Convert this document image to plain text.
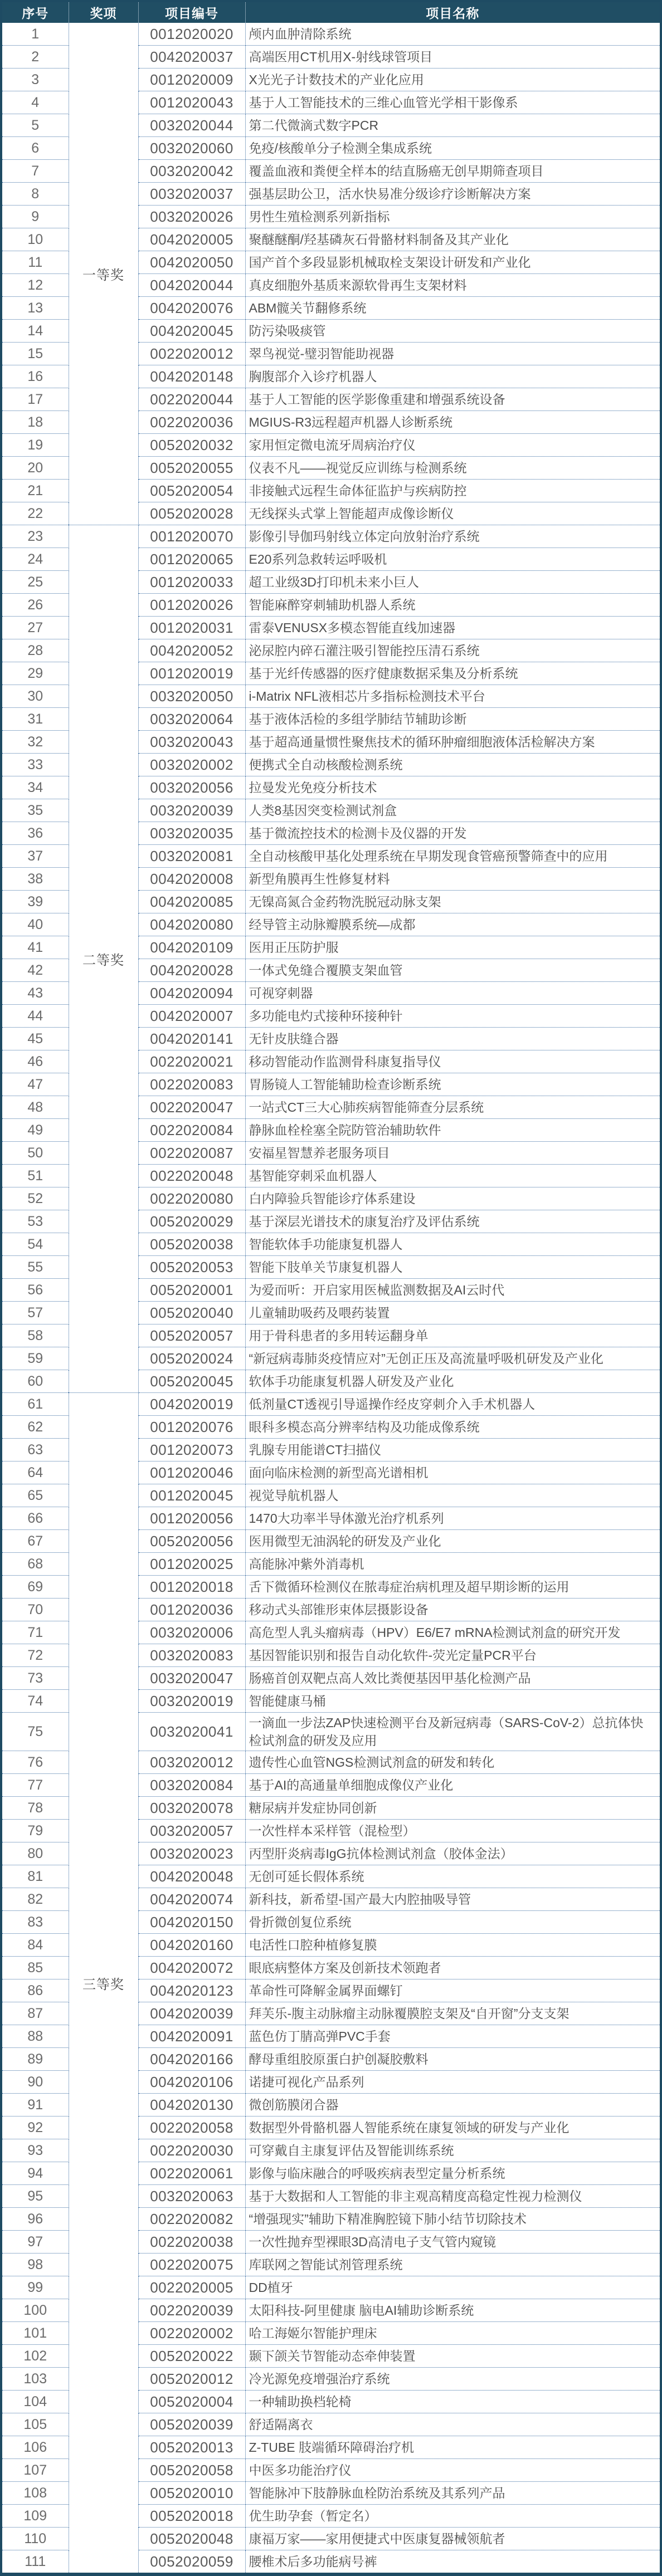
序号	奖项	项目编号	项目名称
1	一等奖	0012020020	颅内血肿清除系统
2		0042020037	高端医用CT机用X-射线球管项目
3		0012020009	X光光子计数技术的产业化应用
4		0012020043	基于人工智能技术的三维心血管光学相干影像系
5		0032020044	第二代微滴式数字PCR
6		0032020060	免疫/核酸单分子检测全集成系统
7		0032020042	覆盖血液和粪便全样本的结直肠癌无创早期筛查项目
8		0032020037	强基层助公卫，活水快易准分级诊疗诊断解决方案
9		0032020026	男性生殖检测系列新指标
10		0042020005	聚醚醚酮/羟基磷灰石骨骼材料制备及其产业化
11		0042020050	国产首个多段显影机械取栓支架设计研发和产业化
12		0042020044	真皮细胞外基质来源软骨再生支架材料
13		0042020076	ABM髋关节翻修系统
14		0042020045	防污染吸痰管
15		0022020012	翠鸟视觉-璧羽智能助视器
16		0042020148	胸腹部介入诊疗机器人
17		0022020044	基于人工智能的医学影像重建和增强系统设备
18		0022020036	MGIUS-R3远程超声机器人诊断系统
19		0052020032	家用恒定微电流牙周病治疗仪
20		0052020055	仪表不凡——视觉反应训练与检测系统
21		0052020054	非接触式远程生命体征监护与疾病防控
22		0052020028	无线探头式掌上智能超声成像诊断仪
23	二等奖	0012020070	影像引导伽玛射线立体定向放射治疗系统
24		0012020065	E20系列急救转运呼吸机
25		0012020033	超工业级3D打印机未来小巨人
26		0012020026	智能麻醉穿刺辅助机器人系统
27		0012020031	雷泰VENUSX多模态智能直线加速器
28		0042020052	泌尿腔内碎石灌注吸引智能控压清石系统
29		0012020019	基于光纤传感器的医疗健康数据采集及分析系统
30		0032020050	i-Matrix NFL液相芯片多指标检测技术平台
31		0032020064	基于液体活检的多组学肺结节辅助诊断
32		0032020043	基于超高通量惯性聚焦技术的循环肿瘤细胞液体活检解决方案
33		0032020002	便携式全自动核酸检测系统
34		0032020056	拉曼发光免疫分析技术
35		0032020039	人类8基因突变检测试剂盒
36		0032020035	基于微流控技术的检测卡及仪器的开发
37		0032020081	全自动核酸甲基化处理系统在早期发现食管癌预警筛查中的应用
38		0042020008	新型角膜再生性修复材料
39		0042020085	无镍高氮合金药物洗脱冠动脉支架
40		0042020080	经导管主动脉瓣膜系统—成都
41		0042020109	医用正压防护服
42		0042020028	一体式免缝合覆膜支架血管
43		0042020094	可视穿刺器
44		0042020007	多功能电灼式接种环接种针
45		0042020141	无针皮肤缝合器
46		0022020021	移动智能动作监测骨科康复指导仪
47		0022020083	胃肠镜人工智能辅助检查诊断系统
48		0022020047	一站式CT三大心肺疾病智能筛查分层系统
49		0022020084	静脉血栓栓塞全院防管治辅助软件
50		0022020087	安福星智慧养老服务项目
51		0022020048	基智能穿刺采血机器人
52		0022020080	白内障验兵智能诊疗体系建设
53		0052020029	基于深层光谱技术的康复治疗及评估系统
54		0052020038	智能软体手功能康复机器人
55		0052020053	智能下肢单关节康复机器人
56		0052020001	为爱而听：开启家用医械监测数据及AI云时代
57		0052020040	儿童辅助吸药及喂药装置
58		0052020057	用于骨科患者的多用转运翻身单
59		0052020024	“新冠病毒肺炎疫情应对”无创正压及高流量呼吸机研发及产业化
60		0052020045	软体手功能康复机器人研发及产业化
61	三等奖	0042020019	低剂量CT透视引导遥操作经皮穿刺介入手术机器人
62		0012020076	眼科多模态高分辨率结构及功能成像系统
63		0012020073	乳腺专用能谱CT扫描仪
64		0012020046	面向临床检测的新型高光谱相机
65		0012020045	视觉导航机器人
66		0012020056	1470大功率半导体激光治疗机系列
67		0052020056	医用微型无油涡轮的研发及产业化
68		0012020025	高能脉冲紫外消毒机
69		0012020018	舌下微循环检测仪在脓毒症治病机理及超早期诊断的运用
70		0012020036	移动式头部锥形束体层摄影设备
71		0032020006	高危型人乳头瘤病毒（HPV）E6/E7 mRNA检测试剂盒的研究开发
72		0032020083	基因智能识别和报告自动化软件-荧光定量PCR平台
73		0032020047	肠癌首创双靶点高人效比粪便基因甲基化检测产品
74		0032020019	智能健康马桶
75		0032020041	一滴血一步法ZAP快速检测平台及新冠病毒（SARS-CoV-2）总抗体快检试剂盒的研发及应用
76		0032020012	遗传性心血管NGS检测试剂盒的研发和转化
77		0032020084	基于AI的高通量单细胞成像仪产业化
78		0032020078	糖尿病并发症协同创新
79		0032020057	一次性样本采样管（混检型）
80		0032020023	丙型肝炎病毒IgG抗体检测试剂盒（胶体金法）
81		0042020048	无创可延长假体系统
82		0042020074	新科技，新希望-国产最大内腔抽吸导管
83		0042020150	骨折微创复位系统
84		0042020160	电活性口腔种植修复膜
85		0042020072	眼底病整体方案及创新技术领跑者
86		0042020123	革命性可降解金属界面螺钉
87		0042020039	拜芙乐-腹主动脉瘤主动脉覆膜腔支架及“自开窗”分支支架
88		0042020091	蓝色仿丁腈高弹PVC手套
89		0042020166	酵母重组胶原蛋白护创凝胶敷料
90		0042020106	诺捷可视化产品系列
91		0042020130	微创筋膜闭合器
92		0022020058	数据型外骨骼机器人智能系统在康复领域的研发与产业化
93		0022020030	可穿戴自主康复评估及智能训练系统
94		0022020061	影像与临床融合的呼吸疾病表型定量分析系统
95		0032020063	基于大数据和人工智能的非主观高精度高稳定性视力检测仪
96		0022020082	“增强现实”辅助下精准胸腔镜下肺小结节切除技术
97		0022020038	一次性抛弃型裸眼3D高清电子支气管内窥镜
98		0022020075	库联网之智能试剂管理系统
99		0022020005	DD植牙
100		0022020039	太阳科技-阿里健康 脑电AI辅助诊断系统
101		0022020002	哈工海姬尔智能护理床
102		0052020022	颞下颌关节智能动态牵伸装置
103		0052020012	冷光源免疫增强治疗系统
104		0052020004	一种辅助换档轮椅
105		0052020039	舒适隔离衣
106		0052020013	Z-TUBE 肢端循环障碍治疗机
107		0052020058	中医多功能治疗仪
108		0052020010	智能脉冲下肢静脉血栓防治系统及其系列产品
109		0052020018	优生助孕套（暂定名）
110		0052020048	康福万家——家用便捷式中医康复器械领航者
111		0052020059	腰椎术后多功能病号裤
